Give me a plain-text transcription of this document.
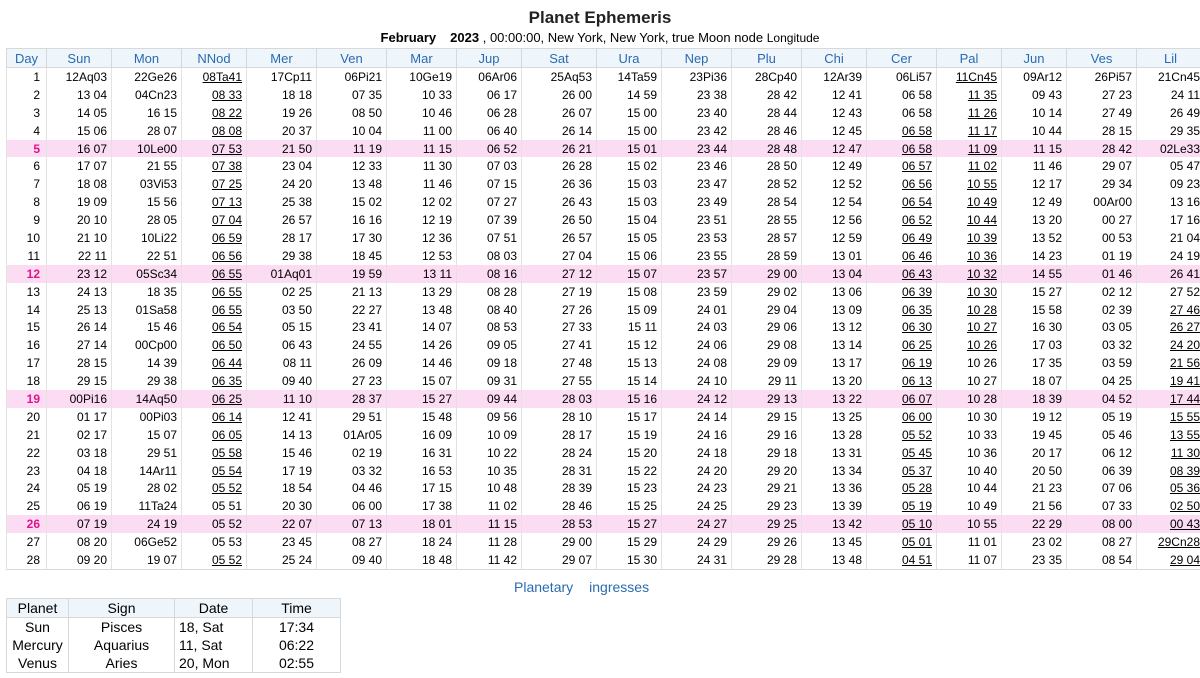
Planet Ephemeris
February 2023 , 00:00:00, New York, New York, true Moon node Longitude
Day	Sun	Mon	NNod	Mer	Ven	Mar	Jup	Sat	Ura	Nep	Plu	Chi	Cer	Pal	Jun	Ves	Lil
1	12Aq03	22Ge26	08Ta41	17Cp11	06Pi21	10Ge19	06Ar06	25Aq53	14Ta59	23Pi36	28Cp40	12Ar39	06Li57	11Cn45	09Ar12	26Pi57	21Cn45
2	13 04	04Cn23	08 33	18 18	07 35	10 33	06 17	26 00	14 59	23 38	28 42	12 41	06 58	11 35	09 43	27 23	24 11
3	14 05	16 15	08 22	19 26	08 50	10 46	06 28	26 07	15 00	23 40	28 44	12 43	06 58	11 26	10 14	27 49	26 49
4	15 06	28 07	08 08	20 37	10 04	11 00	06 40	26 14	15 00	23 42	28 46	12 45	06 58	11 17	10 44	28 15	29 35
5	16 07	10Le00	07 53	21 50	11 19	11 15	06 52	26 21	15 01	23 44	28 48	12 47	06 58	11 09	11 15	28 42	02Le33
6	17 07	21 55	07 38	23 04	12 33	11 30	07 03	26 28	15 02	23 46	28 50	12 49	06 57	11 02	11 46	29 07	05 47
7	18 08	03Vi53	07 25	24 20	13 48	11 46	07 15	26 36	15 03	23 47	28 52	12 52	06 56	10 55	12 17	29 34	09 23
8	19 09	15 56	07 13	25 38	15 02	12 02	07 27	26 43	15 03	23 49	28 54	12 54	06 54	10 49	12 49	00Ar00	13 16
9	20 10	28 05	07 04	26 57	16 16	12 19	07 39	26 50	15 04	23 51	28 55	12 56	06 52	10 44	13 20	00 27	17 16
10	21 10	10Li22	06 59	28 17	17 30	12 36	07 51	26 57	15 05	23 53	28 57	12 59	06 49	10 39	13 52	00 53	21 04
11	22 11	22 51	06 56	29 38	18 45	12 53	08 03	27 04	15 06	23 55	28 59	13 01	06 46	10 36	14 23	01 19	24 19
12	23 12	05Sc34	06 55	01Aq01	19 59	13 11	08 16	27 12	15 07	23 57	29 00	13 04	06 43	10 32	14 55	01 46	26 41
13	24 13	18 35	06 55	02 25	21 13	13 29	08 28	27 19	15 08	23 59	29 02	13 06	06 39	10 30	15 27	02 12	27 52
14	25 13	01Sa58	06 55	03 50	22 27	13 48	08 40	27 26	15 09	24 01	29 04	13 09	06 35	10 28	15 58	02 39	27 46
15	26 14	15 46	06 54	05 15	23 41	14 07	08 53	27 33	15 11	24 03	29 06	13 12	06 30	10 27	16 30	03 05	26 27
16	27 14	00Cp00	06 50	06 43	24 55	14 26	09 05	27 41	15 12	24 06	29 08	13 14	06 25	10 26	17 03	03 32	24 20
17	28 15	14 39	06 44	08 11	26 09	14 46	09 18	27 48	15 13	24 08	29 09	13 17	06 19	10 26	17 35	03 59	21 56
18	29 15	29 38	06 35	09 40	27 23	15 07	09 31	27 55	15 14	24 10	29 11	13 20	06 13	10 27	18 07	04 25	19 41
19	00Pi16	14Aq50	06 25	11 10	28 37	15 27	09 44	28 03	15 16	24 12	29 13	13 22	06 07	10 28	18 39	04 52	17 44
20	01 17	00Pi03	06 14	12 41	29 51	15 48	09 56	28 10	15 17	24 14	29 15	13 25	06 00	10 30	19 12	05 19	15 55
21	02 17	15 07	06 05	14 13	01Ar05	16 09	10 09	28 17	15 19	24 16	29 16	13 28	05 52	10 33	19 45	05 46	13 55
22	03 18	29 51	05 58	15 46	02 19	16 31	10 22	28 24	15 20	24 18	29 18	13 31	05 45	10 36	20 17	06 12	11 30
23	04 18	14Ar11	05 54	17 19	03 32	16 53	10 35	28 31	15 22	24 20	29 20	13 34	05 37	10 40	20 50	06 39	08 39
24	05 19	28 02	05 52	18 54	04 46	17 15	10 48	28 39	15 23	24 23	29 21	13 36	05 28	10 44	21 23	07 06	05 36
25	06 19	11Ta24	05 51	20 30	06 00	17 38	11 02	28 46	15 25	24 25	29 23	13 39	05 19	10 49	21 56	07 33	02 50
26	07 19	24 19	05 52	22 07	07 13	18 01	11 15	28 53	15 27	24 27	29 25	13 42	05 10	10 55	22 29	08 00	00 43
27	08 20	06Ge52	05 53	23 45	08 27	18 24	11 28	29 00	15 29	24 29	29 26	13 45	05 01	11 01	23 02	08 27	29Cn28
28	09 20	19 07	05 52	25 24	09 40	18 48	11 42	29 07	15 30	24 31	29 28	13 48	04 51	11 07	23 35	08 54	29 04
Planetary ingresses
Planet	Sign	Date	Time
Sun	Pisces	18, Sat	17:34
Mercury	Aquarius	11, Sat	06:22
Venus	Aries	20, Mon	02:55
